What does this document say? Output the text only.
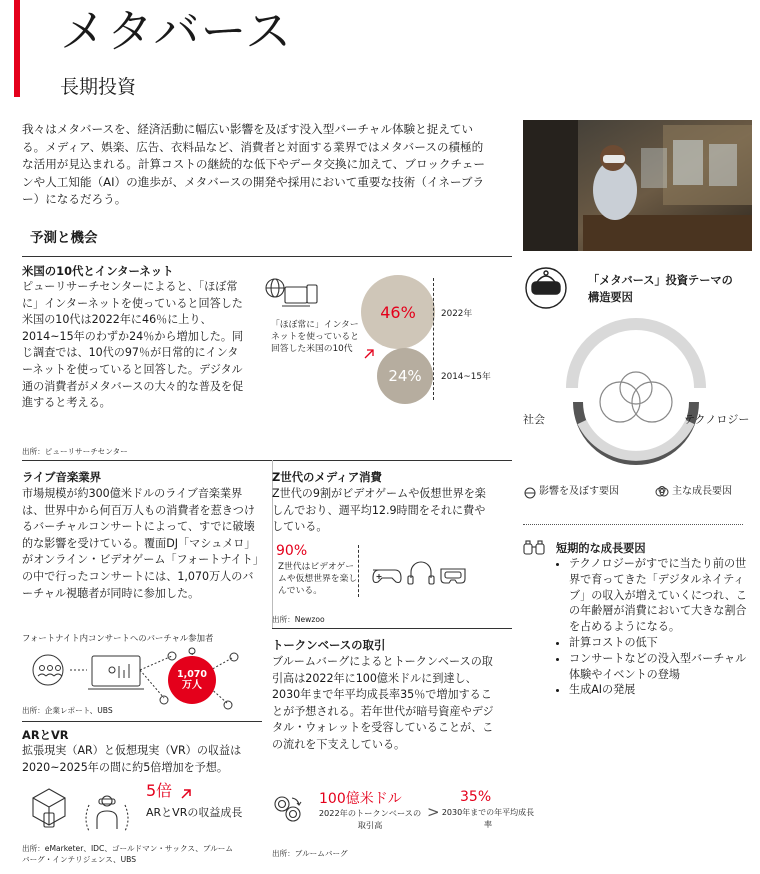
メタバース
長期投資
我々はメタバースを、経済活動に幅広い影響を及ぼす没入型バーチャル体験と捉えている。メディア、娯楽、広告、衣料品など、消費者と対面する業界ではメタバースの積極的な活用が見込まれる。計算コストの継続的な低下やデータ交換に加えて、ブロックチェーンや人工知能（AI）の進歩が、メタバースの開発や採用において重要な技術（イネーブラー）になるだろう。
予測と機会
米国の10代とインターネット
ピューリサーチセンターによると、「ほぼ常に」インターネットを使っていると回答した米国の10代は2022年に46％に上り、2014~15年のわずか24％から増加した。同じ調査では、10代の97％が日常的にインターネットを使っていると回答した。デジタル通の消費者がメタバースの大々的な普及を促進すると考える。
「ほぼ常に」インターネットを使っていると回答した米国の10代
46%
24%
2022年
2014~15年
出所：ピューリサーチセンター
ライブ音楽業界
市場規模が約300億米ドルのライブ音楽業界は、世界中から何百万人もの消費者を惹きつけるバーチャルコンサートによって、すでに破壊的な影響を受けている。覆面DJ「マシュメロ」がオンライン・ビデオゲーム「フォートナイト」の中で行ったコンサートには、1,070万人のバーチャル視聴者が同時に参加した。
フォートナイト内コンサートへのバーチャル参加者
1,070
万人
出所：企業レポート、UBS
Z世代のメディア消費
Z世代の9割がビデオゲームや仮想世界を楽しんでおり、週平均12.9時間をそれに費やしている。
90%
Z世代はビデオゲームや仮想世界を楽しんでいる。
出所：Newzoo
トークンベースの取引
ブルームバーグによるとトークンベースの取引高は2022年に100億米ドルに到達し、2030年まで年平均成長率35％で増加することが予想される。若年世代が暗号資産やデジタル・ウォレットを受容していることが、この流れを下支えしている。
100億米ドル
2022年のトークンベースの取引高
>
35%
2030年までの年平均成長率
出所：ブルームバーグ
ARとVR
拡張現実（AR）と仮想現実（VR）の収益は2020~2025年の間に約5倍増加を予想。
5倍
ARとVRの収益成長
出所：eMarketer、IDC、ゴールドマン・サックス、ブルームバーグ・インテリジェンス、UBS
「メタバース」投資テーマの構造要因
社会	テクノロジー
影響を及ぼす要因	主な成長要因
短期的な成長要因
• テクノロジーがすでに当たり前の世界で育ってきた「デジタルネイティブ」の収入が増えていくにつれ、この年齢層が消費において大きな割合を占めるようになる。
• 計算コストの低下
• コンサートなどの没入型バーチャル体験やイベントの登場
• 生成AIの発展
